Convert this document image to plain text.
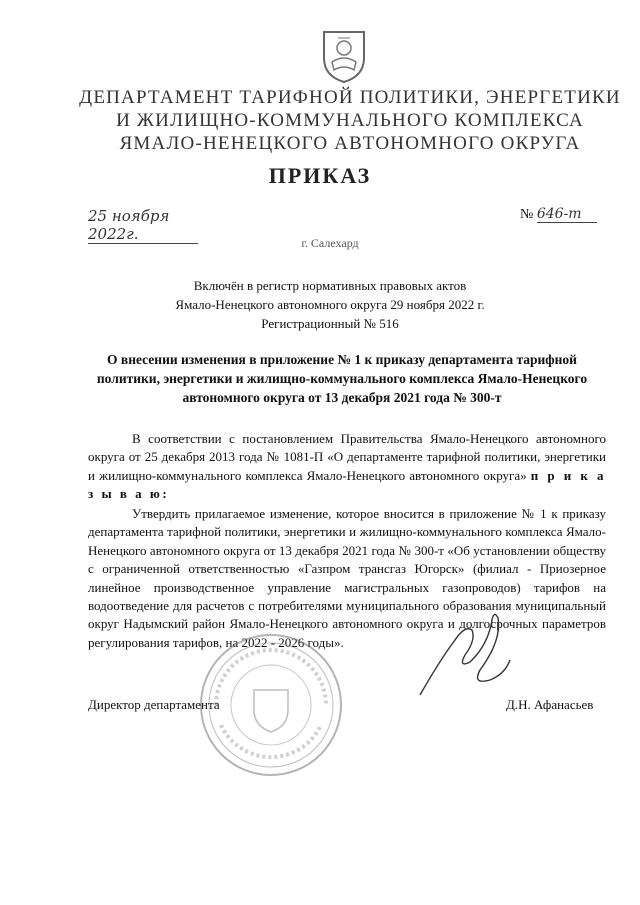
ДЕПАРТАМЕНТ ТАРИФНОЙ ПОЛИТИКИ, ЭНЕРГЕТИКИ
И ЖИЛИЩНО-КОММУНАЛЬНОГО КОМПЛЕКСА
ЯМАЛО-НЕНЕЦКОГО АВТОНОМНОГО ОКРУГА
ПРИКАЗ
25 ноября 2022г.
№ 646-т
г. Салехард
Включён в регистр нормативных правовых актов
Ямало-Ненецкого автономного округа 29 ноября 2022 г.
Регистрационный № 516
О внесении изменения в приложение № 1 к приказу департамента тарифной политики, энергетики и жилищно-коммунального комплекса Ямало-Ненецкого автономного округа от 13 декабря 2021 года № 300-т
В соответствии с постановлением Правительства Ямало-Ненецкого автономного округа от 25 декабря 2013 года № 1081-П «О департаменте тарифной политики, энергетики и жилищно-коммунального комплекса Ямало-Ненецкого автономного округа» п р и к а з ы в а ю:
Утвердить прилагаемое изменение, которое вносится в приложение № 1 к приказу департамента тарифной политики, энергетики и жилищно-коммунального комплекса Ямало-Ненецкого автономного округа от 13 декабря 2021 года № 300-т «Об установлении обществу с ограниченной ответственностью «Газпром трансгаз Югорск» (филиал - Приозерное линейное производственное управление магистральных газопроводов) тарифов на водоотведение для расчетов с потребителями муниципального образования муниципальный округ Надымский район Ямало-Ненецкого автономного округа и долгосрочных параметров регулирования тарифов, на 2022 - 2026 годы».
Директор департамента	Д.Н. Афанасьев
